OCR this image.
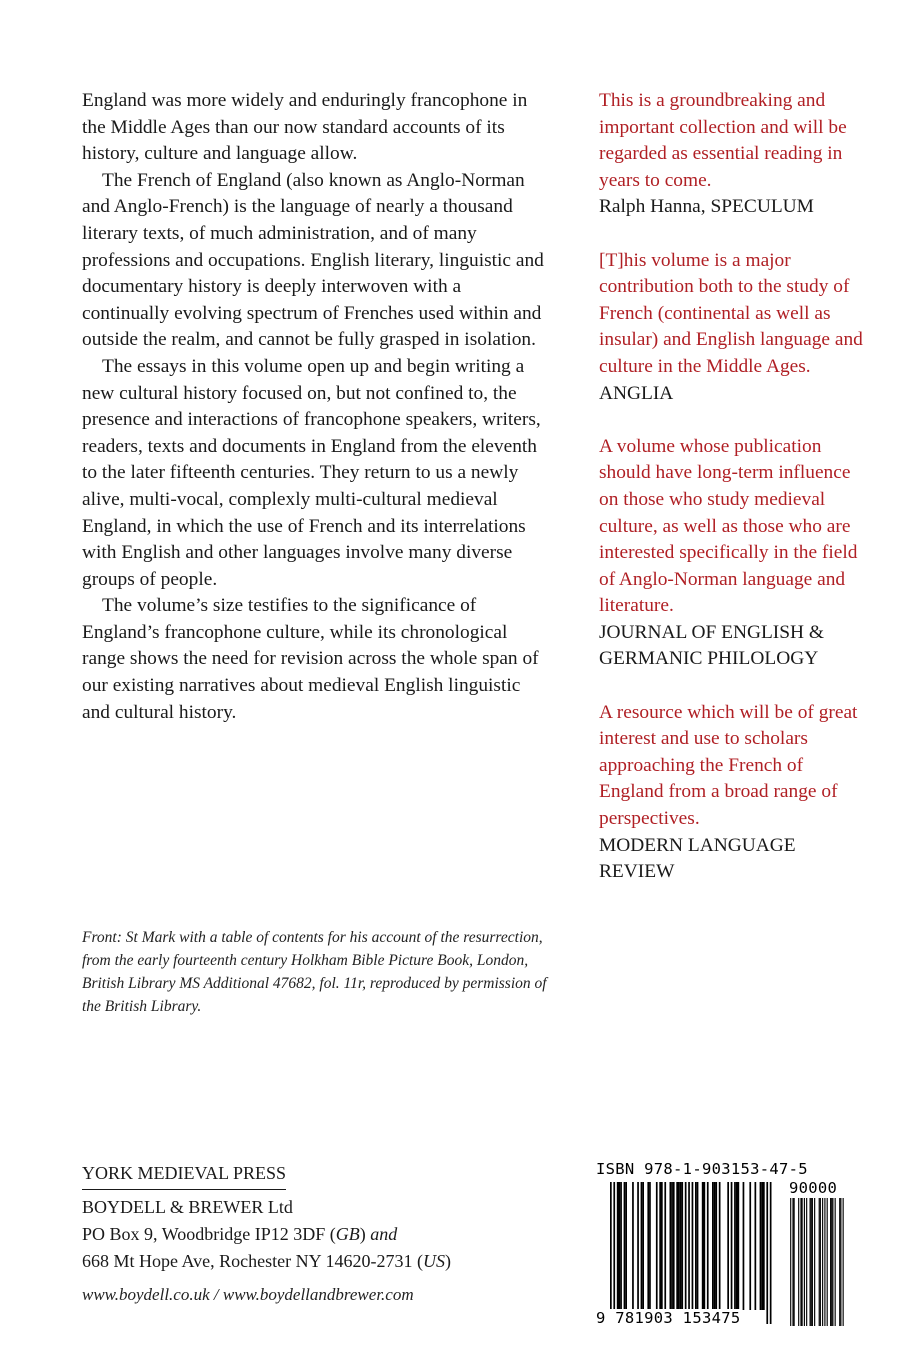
England was more widely and enduringly francophone in the Middle Ages than our now standard accounts of its history, culture and language allow.

The French of England (also known as Anglo-Norman and Anglo-French) is the language of nearly a thousand literary texts, of much administration, and of many professions and occupations. English literary, linguistic and documentary history is deeply interwoven with a continually evolving spectrum of Frenches used within and outside the realm, and cannot be fully grasped in isolation.

The essays in this volume open up and begin writing a new cultural history focused on, but not confined to, the presence and interactions of francophone speakers, writers, readers, texts and documents in England from the eleventh to the later fifteenth centuries. They return to us a newly alive, multi-vocal, complexly multi-cultural medieval England, in which the use of French and its interrelations with English and other languages involve many diverse groups of people.

The volume’s size testifies to the significance of England’s francophone culture, while its chronological range shows the need for revision across the whole span of our existing narratives about medieval English linguistic and cultural history.

Front: St Mark with a table of contents for his account of the resurrection, from the early fourteenth century Holkham Bible Picture Book, London, British Library MS Additional 47682, fol. 11r, reproduced by permission of the British Library.
This is a groundbreaking and important collection and will be regarded as essential reading in years to come.
Ralph Hanna, SPECULUM
[T]his volume is a major contribution both to the study of French (continental as well as insular) and English language and culture in the Middle Ages.
ANGLIA
A volume whose publication should have long-term influence on those who study medieval culture, as well as those who are interested specifically in the field of Anglo-Norman language and literature.
JOURNAL OF ENGLISH & GERMANIC PHILOLOGY
A resource which will be of great interest and use to scholars approaching the French of England from a broad range of perspectives.
MODERN LANGUAGE REVIEW
YORK MEDIEVAL PRESS
BOYDELL & BREWER Ltd
PO Box 9, Woodbridge IP12 3DF (GB) and
668 Mt Hope Ave, Rochester NY 14620-2731 (US)
www.boydell.co.uk / www.boydellandbrewer.com
ISBN 978-1-903153-47-5
90000
9 781903 153475
